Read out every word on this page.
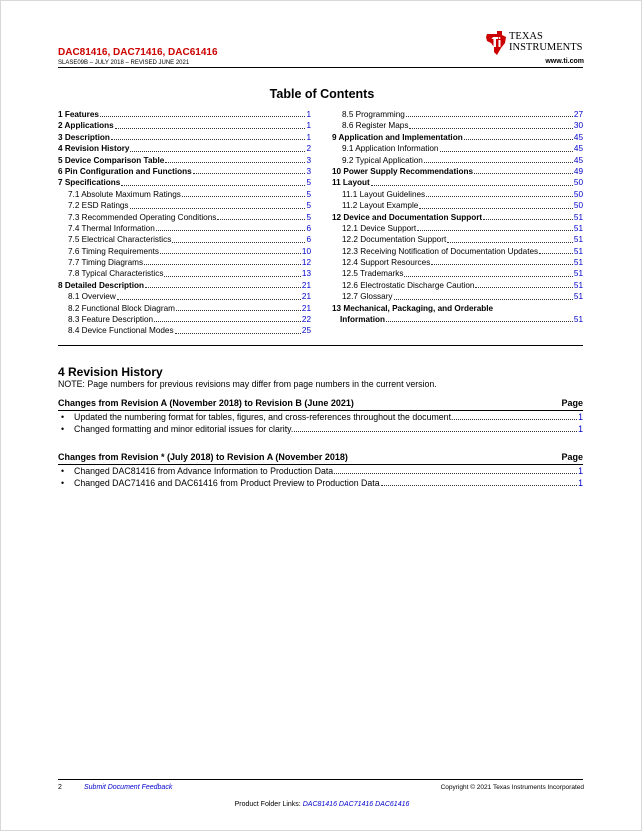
DAC81416, DAC71416, DAC61416
SLASE09B – JULY 2018 – REVISED JUNE 2021
TEXAS
INSTRUMENTS
www.ti.com
Table of Contents
1 Features	1
2 Applications	1
3 Description	1
4 Revision History	2
5 Device Comparison Table	3
6 Pin Configuration and Functions	3
7 Specifications	5
7.1 Absolute Maximum Ratings	5
7.2 ESD Ratings	5
7.3 Recommended Operating Conditions	5
7.4 Thermal Information	6
7.5 Electrical Characteristics	6
7.6 Timing Requirements	10
7.7 Timing Diagrams	12
7.8 Typical Characteristics	13
8 Detailed Description	21
8.1 Overview	21
8.2 Functional Block Diagram	21
8.3 Feature Description	22
8.4 Device Functional Modes	25
8.5 Programming	27
8.6 Register Maps	30
9 Application and Implementation	45
9.1 Application Information	45
9.2 Typical Application	45
10 Power Supply Recommendations	49
11 Layout	50
11.1 Layout Guidelines	50
11.2 Layout Example	50
12 Device and Documentation Support	51
12.1 Device Support	51
12.2 Documentation Support	51
12.3 Receiving Notification of Documentation Updates	51
12.4 Support Resources	51
12.5 Trademarks	51
12.6 Electrostatic Discharge Caution	51
12.7 Glossary	51
13 Mechanical, Packaging, and Orderable
Information	51
4 Revision History
NOTE: Page numbers for previous revisions may differ from page numbers in the current version.
Changes from Revision A (November 2018) to Revision B (June 2021)	Page
•	Updated the numbering format for tables, figures, and cross-references throughout the document.	1
•	Changed formatting and minor editorial issues for clarity.	1
Changes from Revision * (July 2018) to Revision A (November 2018)	Page
•	Changed DAC81416 from Advance Information to Production Data	1
•	Changed DAC71416 and DAC61416 from Product Preview to Production Data	1
2	Submit Document Feedback	Copyright © 2021 Texas Instruments Incorporated
Product Folder Links: DAC81416 DAC71416 DAC61416
